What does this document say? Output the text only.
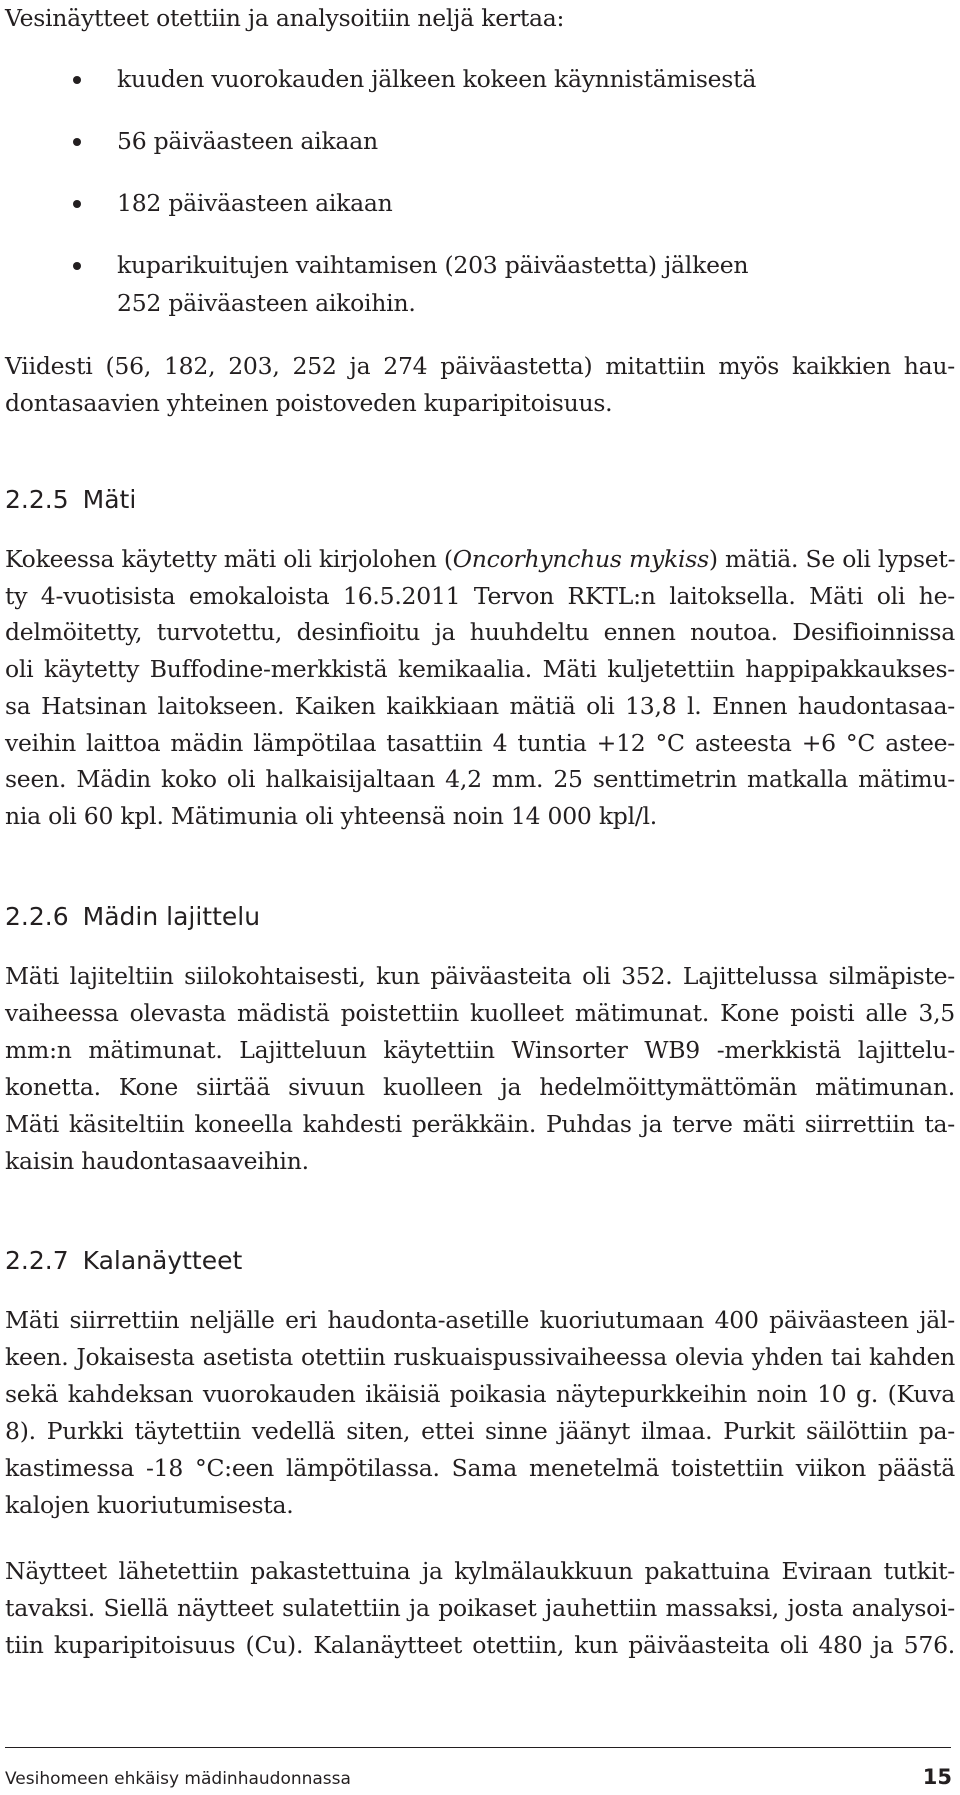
Vesinäytteet otettiin ja analysoitiin neljä kertaa:

kuuden vuorokauden jälkeen kokeen käynnistämisestä
56 päiväasteen aikaan
182 päiväasteen aikaan
kuparikuitujen vaihtamisen (203 päiväastetta) jälkeen
252 päiväasteen aikoihin.

Viidesti (56, 182, 203, 252 ja 274 päiväastetta) mitattiin myös kaikkien hau-
dontasaavien yhteinen poistoveden kuparipitoisuus.

2.2.5 Mäti

Kokeessa käytetty mäti oli kirjolohen (Oncorhynchus mykiss) mätiä. Se oli lypset-
ty 4-vuotisista emokaloista 16.5.2011 Tervon RKTL:n laitoksella. Mäti oli he-
delmöitetty, turvotettu, desinfioitu ja huuhdeltu ennen noutoa. Desifioinnissa
oli käytetty Buffodine-merkkistä kemikaalia. Mäti kuljetettiin happipakkaukses-
sa Hatsinan laitokseen. Kaiken kaikkiaan mätiä oli 13,8 l. Ennen haudontasaa-
veihin laittoa mädin lämpötilaa tasattiin 4 tuntia +12 °C asteesta +6 °C astee-
seen. Mädin koko oli halkaisijaltaan 4,2 mm. 25 senttimetrin matkalla mätimu-
nia oli 60 kpl. Mätimunia oli yhteensä noin 14 000 kpl/l.

2.2.6 Mädin lajittelu

Mäti lajiteltiin siilokohtaisesti, kun päiväasteita oli 352. Lajittelussa silmäpiste-
vaiheessa olevasta mädistä poistettiin kuolleet mätimunat. Kone poisti alle 3,5
mm:n mätimunat. Lajitteluun käytettiin Winsorter WB9 -merkkistä lajittelu-
konetta. Kone siirtää sivuun kuolleen ja hedelmöittymättömän mätimunan.
Mäti käsiteltiin koneella kahdesti peräkkäin. Puhdas ja terve mäti siirrettiin ta-
kaisin haudontasaaveihin.

2.2.7 Kalanäytteet

Mäti siirrettiin neljälle eri haudonta-asetille kuoriutumaan 400 päiväasteen jäl-
keen. Jokaisesta asetista otettiin ruskuaispussivaiheessa olevia yhden tai kahden
sekä kahdeksan vuorokauden ikäisiä poikasia näytepurkkeihin noin 10 g. (Kuva
8). Purkki täytettiin vedellä siten, ettei sinne jäänyt ilmaa. Purkit säilöttiin pa-
kastimessa -18 °C:een lämpötilassa. Sama menetelmä toistettiin viikon päästä
kalojen kuoriutumisesta.

Näytteet lähetettiin pakastettuina ja kylmälaukkuun pakattuina Eviraan tutkit-
tavaksi. Siellä näytteet sulatettiin ja poikaset jauhettiin massaksi, josta analysoi-
tiin kuparipitoisuus (Cu). Kalanäytteet otettiin, kun päiväasteita oli 480 ja 576.

Vesihomeen ehkäisy mädinhaudonnassa	15
